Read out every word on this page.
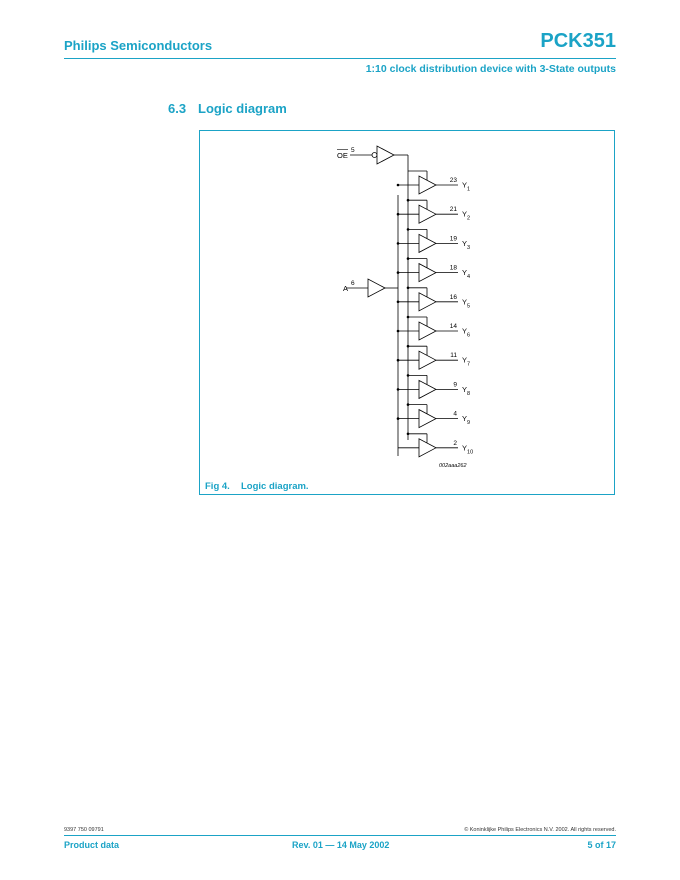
Philips Semiconductors	PCK351
1:10 clock distribution device with 3-State outputs
6.3 Logic diagram
23 $Y_1$
21 $Y_2$
19 $Y_3$
18 $Y_4$
16 $Y_5$
14 $Y_6$
11 $Y_7$
9 $Y_8$
4 $Y_9$
2 $Y_{10}$
OE
5
A
6
002aaa262
Fig 4. Logic diagram.
9397 750 09791	© Koninklijke Philips Electronics N.V. 2002. All rights reserved.
Product data	Rev. 01 — 14 May 2002	5 of 17
